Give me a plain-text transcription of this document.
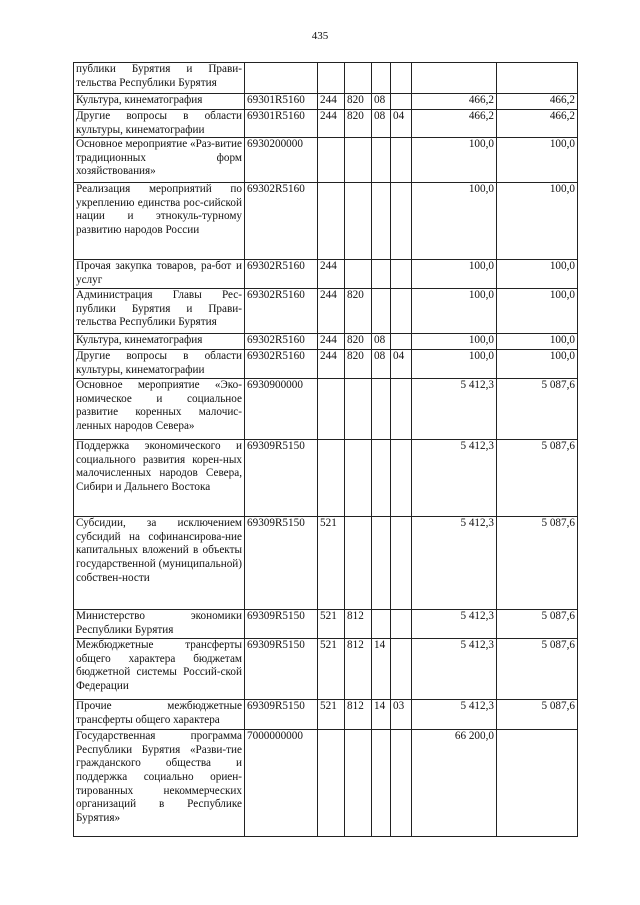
435
публики Бурятия и Прави-тельства Республики Бурятия							
Культура, кинематография	69301R5160	244	820	08		466,2	466,2
Другие вопросы в области культуры, кинематографии	69301R5160	244	820	08	04	466,2	466,2
Основное мероприятие «Раз-витие традиционных форм хозяйствования»	6930200000					100,0	100,0
Реализация мероприятий по укреплению единства рос-сийской нации и этнокуль-турному развитию народов России	69302R5160					100,0	100,0
Прочая закупка товаров, ра-бот и услуг	69302R5160	244				100,0	100,0
Администрация Главы Рес-публики Бурятия и Прави-тельства Республики Бурятия	69302R5160	244	820			100,0	100,0
Культура, кинематография	69302R5160	244	820	08		100,0	100,0
Другие вопросы в области культуры, кинематографии	69302R5160	244	820	08	04	100,0	100,0
Основное мероприятие «Эко-номическое и социальное развитие коренных малочис-ленных народов Севера»	6930900000					5 412,3	5 087,6
Поддержка экономического и социального развития корен-ных малочисленных народов Севера, Сибири и Дальнего Востока	69309R5150					5 412,3	5 087,6
Субсидии, за исключением субсидий на софинансирова-ние капитальных вложений в объекты государственной (муниципальной) собствен-ности	69309R5150	521				5 412,3	5 087,6
Министерство экономики Республики Бурятия	69309R5150	521	812			5 412,3	5 087,6
Межбюджетные трансферты общего характера бюджетам бюджетной системы Россий-ской Федерации	69309R5150	521	812	14		5 412,3	5 087,6
Прочие межбюджетные трансферты общего характера	69309R5150	521	812	14	03	5 412,3	5 087,6
Государственная программа Республики Бурятия «Разви-тие гражданского общества и поддержка социально ориен-тированных некоммерческих организаций в Республике Бурятия»	7000000000					66 200,0	
